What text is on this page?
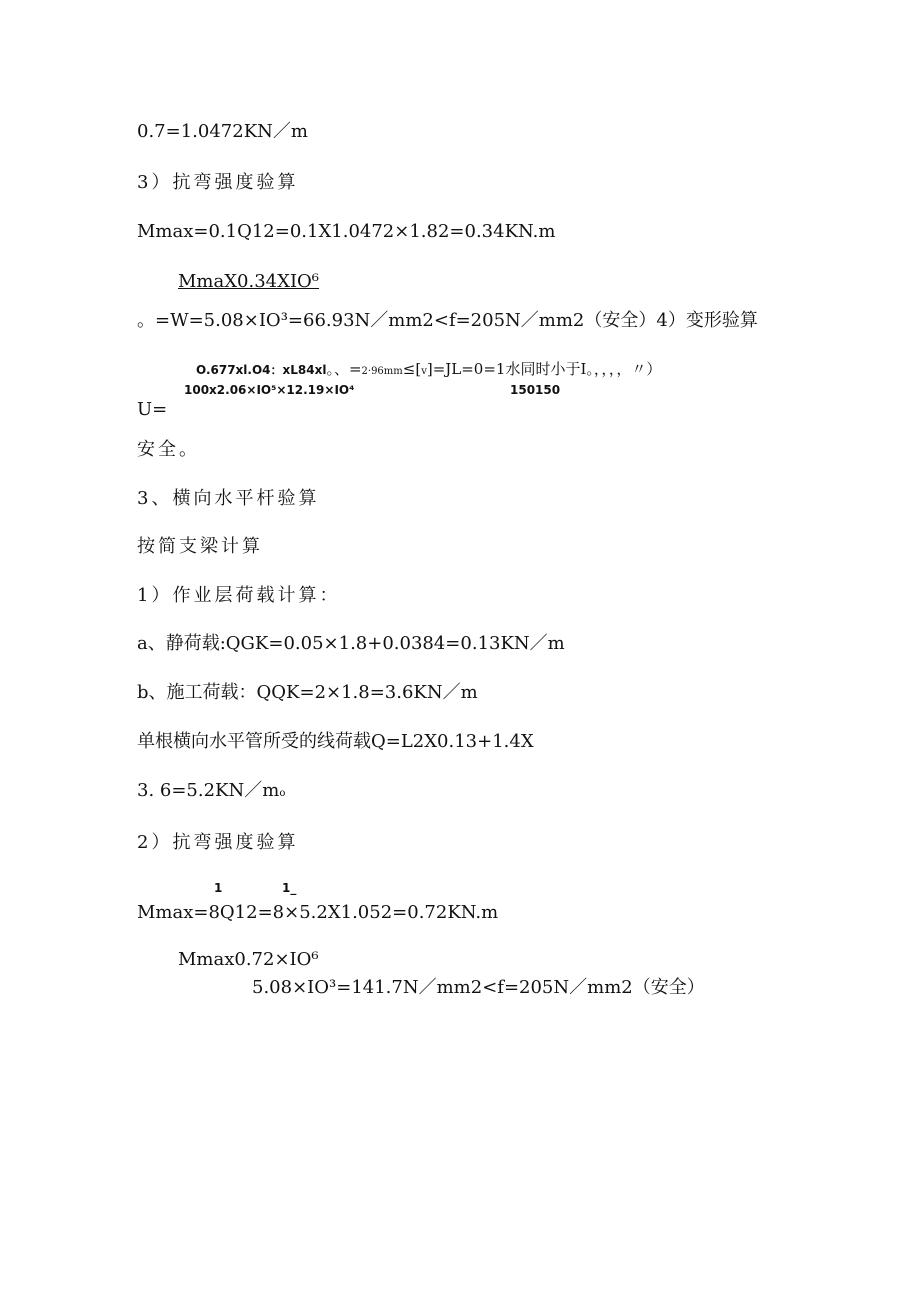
0.7=1.0472KN／m
3）抗弯强度验算
Mmax=0.1Q12=0.1X1.0472×1.82=0.34KN.m
MmaX0.34XIO⁶
。=W=5.08×IO³=66.93N／mm2<f=205N／mm2（安全）4）变形验算
O.677xl.O4：xL84xl。、=2·96mm≤[v]=JL=0=1水同时小于I。，，，，〃）
100x2.06×IO⁵×12.19×IO⁴	150150
U=
安全。
3、横向水平杆验算
按简支梁计算
1）作业层荷载计算：
a、静荷载:QGK=0.05×1.8+0.0384=0.13KN／m
b、施工荷载：QQK=2×1.8=3.6KN／m
单根横向水平管所受的线荷载Q=L2X0.13+1.4X
3. 6=5.2KN／mo
2）抗弯强度验算
1	1_
Mmax=8Q12=8×5.2X1.052=0.72KN.m
Mmax0.72×IO⁶
5.08×IO³=141.7N／mm2<f=205N／mm2（安全）
